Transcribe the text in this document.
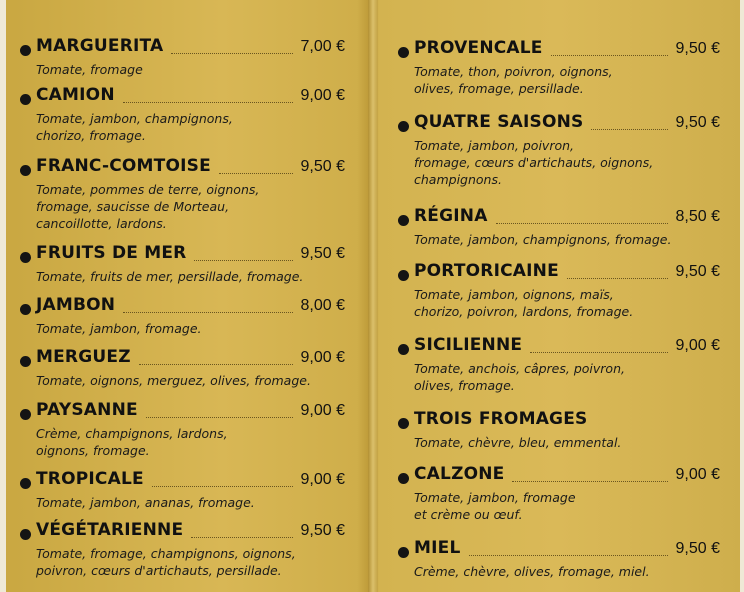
MARGUERITA	7,00 €
Tomate, fromage
CAMION	9,00 €
Tomate, jambon, champignons,
chorizo, fromage.
FRANC-COMTOISE	9,50 €
Tomate, pommes de terre, oignons,
fromage, saucisse de Morteau,
cancoillotte, lardons.
FRUITS DE MER	9,50 €
Tomate, fruits de mer, persillade, fromage.
JAMBON	8,00 €
Tomate, jambon, fromage.
MERGUEZ	9,00 €
Tomate, oignons, merguez, olives, fromage.
PAYSANNE	9,00 €
Crème, champignons, lardons,
oignons, fromage.
TROPICALE	9,00 €
Tomate, jambon, ananas, fromage.
VÉGÉTARIENNE	9,50 €
Tomate, fromage, champignons, oignons,
poivron, cœurs d'artichauts, persillade.
PROVENCALE	9,50 €
Tomate, thon, poivron, oignons,
olives, fromage, persillade.
QUATRE SAISONS	9,50 €
Tomate, jambon, poivron,
fromage, cœurs d'artichauts, oignons,
champignons.
RÉGINA	8,50 €
Tomate, jambon, champignons, fromage.
PORTORICAINE	9,50 €
Tomate, jambon, oignons, maïs,
chorizo, poivron, lardons, fromage.
SICILIENNE	9,00 €
Tomate, anchois, câpres, poivron,
olives, fromage.
TROIS FROMAGES
Tomate, chèvre, bleu, emmental.
CALZONE	9,00 €
Tomate, jambon, fromage
et crème ou œuf.
MIEL	9,50 €
Crème, chèvre, olives, fromage, miel.
